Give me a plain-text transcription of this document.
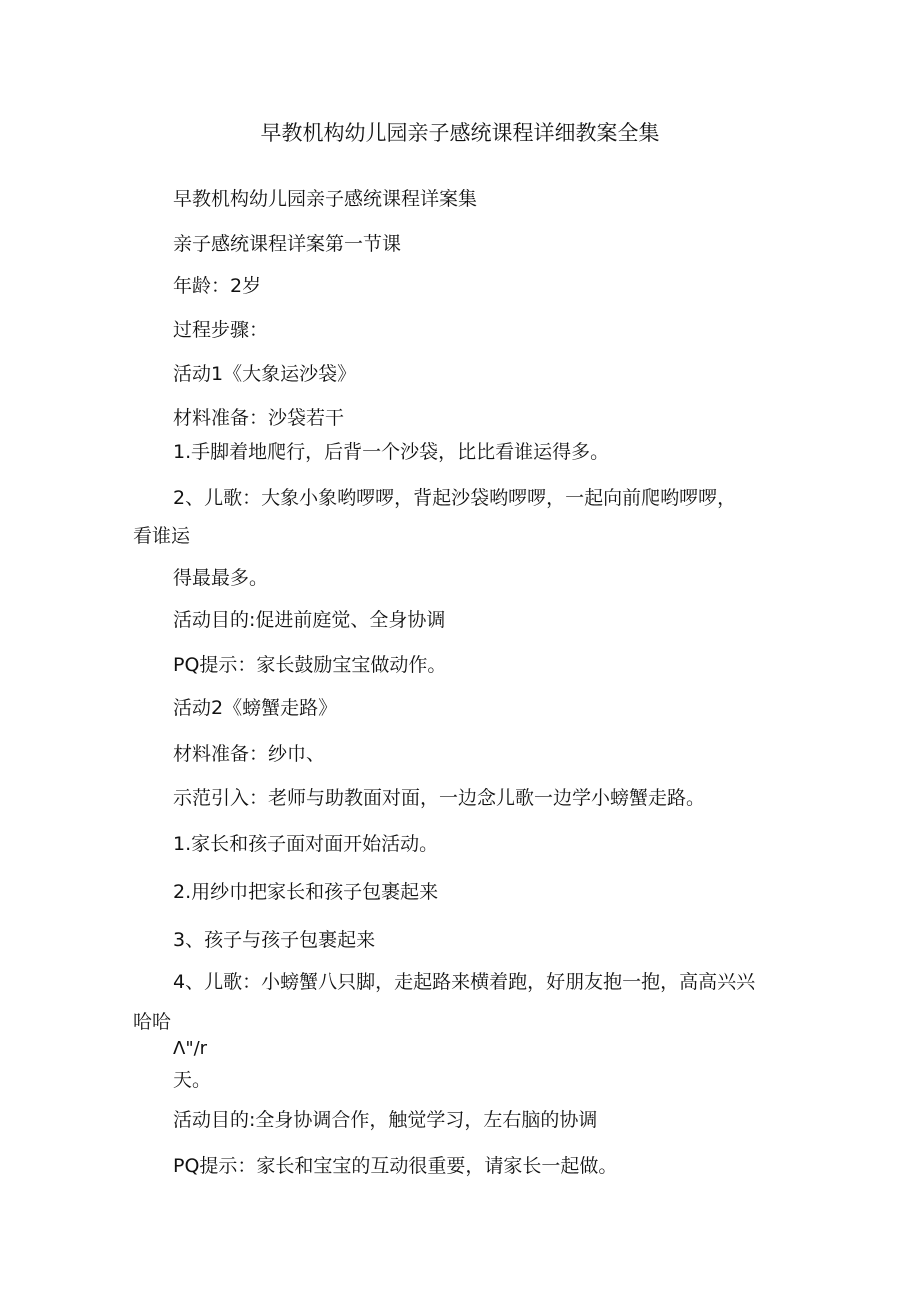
早教机构幼儿园亲子感统课程详细教案全集
早教机构幼儿园亲子感统课程详案集
亲子感统课程详案第一节课
年龄：2岁
过程步骤：
活动1《大象运沙袋》
材料准备：沙袋若干
1.手脚着地爬行，后背一个沙袋，比比看谁运得多。
2、儿歌：大象小象哟啰啰，背起沙袋哟啰啰，一起向前爬哟啰啰，
看谁运
得最最多。
活动目的:促进前庭觉、全身协调
PQ提示：家长鼓励宝宝做动作。
活动2《螃蟹走路》
材料准备：纱巾、
示范引入：老师与助教面对面，一边念儿歌一边学小螃蟹走路。
1.家长和孩子面对面开始活动。
2.用纱巾把家长和孩子包裹起来
3、孩子与孩子包裹起来
4、儿歌：小螃蟹八只脚，走起路来横着跑，好朋友抱一抱，高高兴兴
哈哈
Λ"/r
天。
活动目的:全身协调合作，触觉学习，左右脑的协调
PQ提示：家长和宝宝的互动很重要，请家长一起做。
